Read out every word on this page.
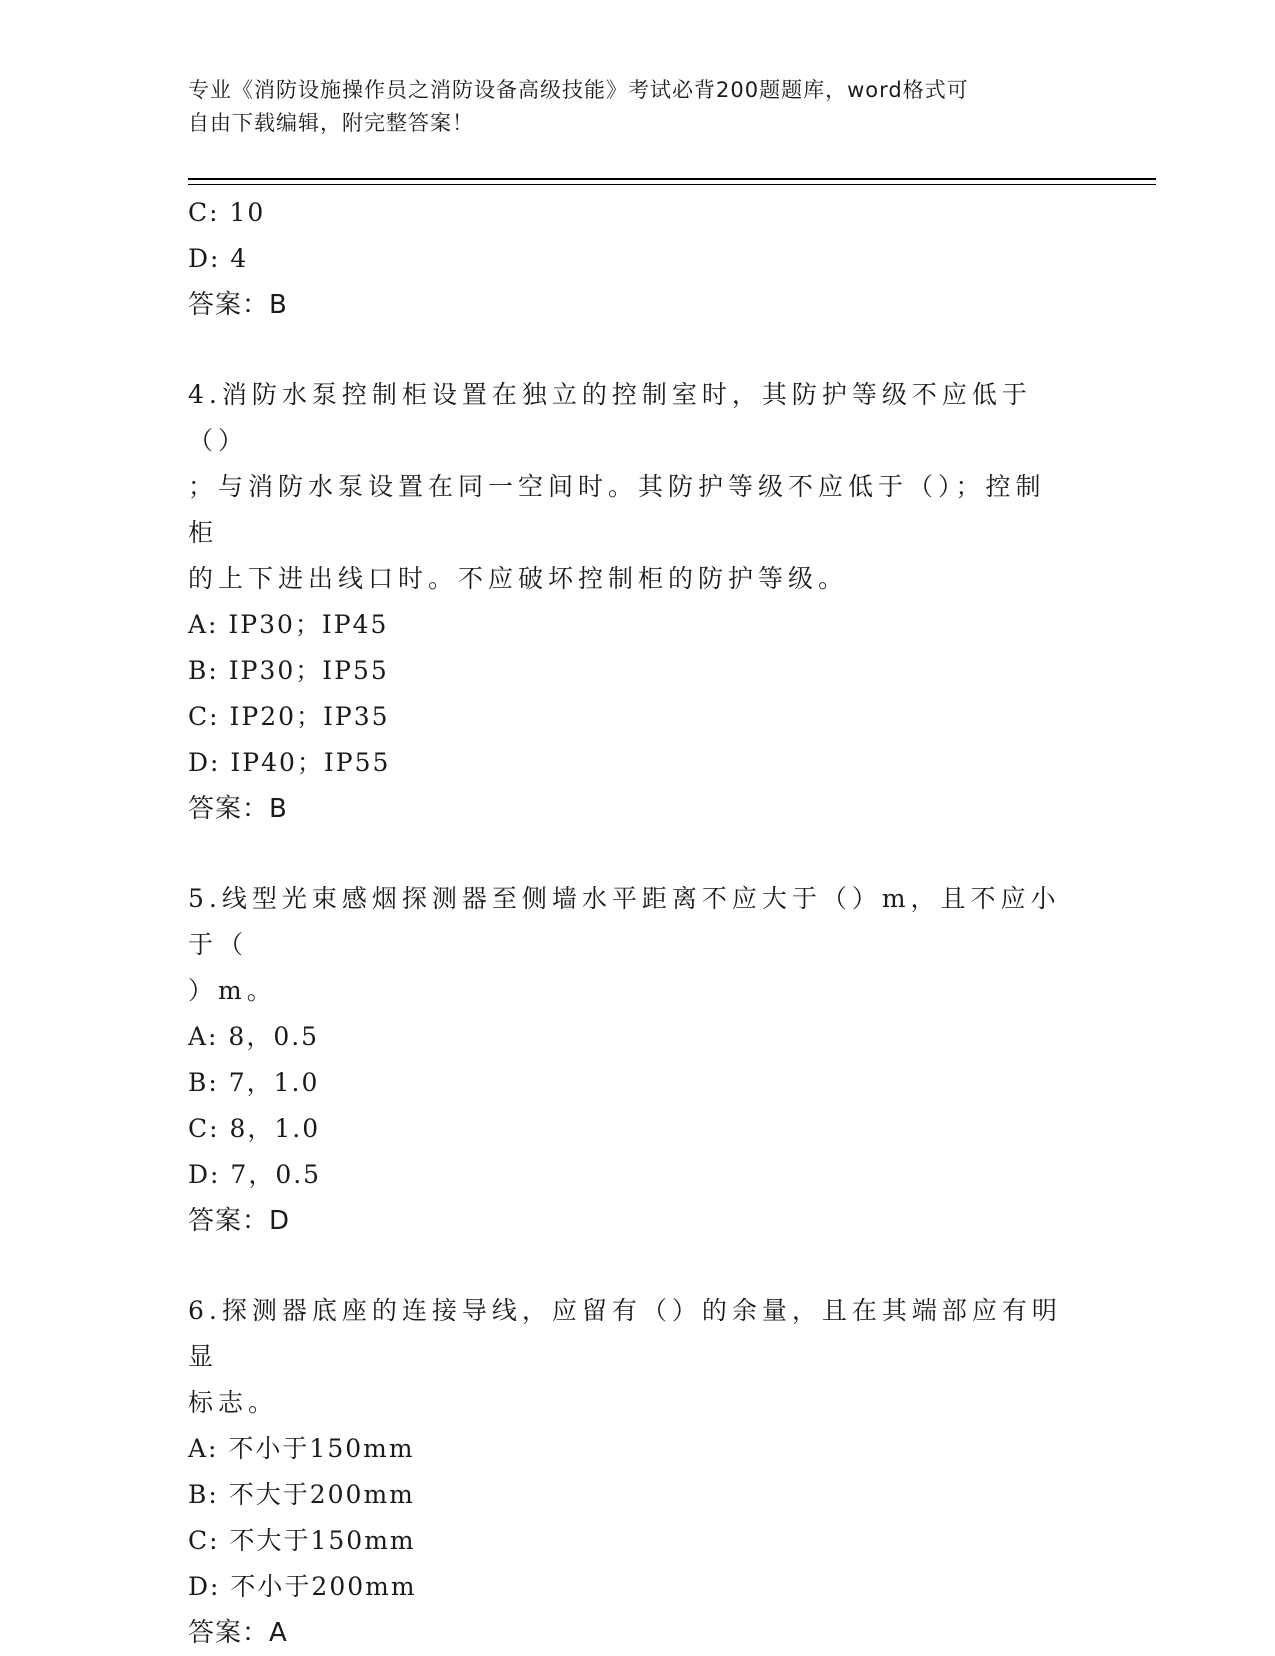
专业《消防设施操作员之消防设备高级技能》考试必背200题题库，word格式可
自由下载编辑，附完整答案！
C: 10
D: 4
答案：B
4.消防水泵控制柜设置在独立的控制室时，其防护等级不应低于（）
；与消防水泵设置在同一空间时。其防护等级不应低于（）；控制柜
的上下进出线口时。不应破坏控制柜的防护等级。
A: IP30；IP45
B: IP30；IP55
C: IP20；IP35
D: IP40；IP55
答案：B
5.线型光束感烟探测器至侧墙水平距离不应大于（）m，且不应小于（
）m。
A: 8，0.5
B: 7，1.0
C: 8，1.0
D: 7，0.5
答案：D
6.探测器底座的连接导线，应留有（）的余量，且在其端部应有明显
标志。
A: 不小于150mm
B: 不大于200mm
C: 不大于150mm
D: 不小于200mm
答案：A
